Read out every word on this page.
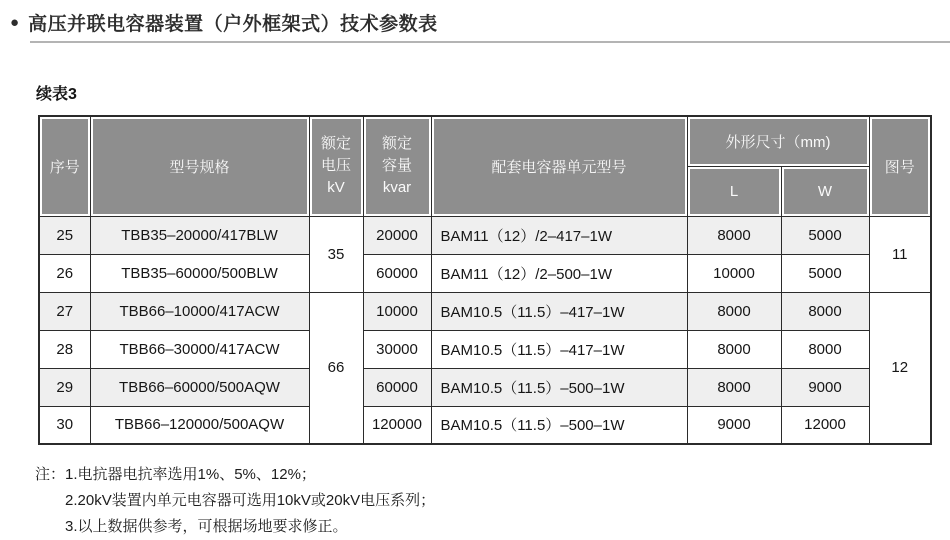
● 高压并联电容器装置（户外框架式）技术参数表
续表3
序号	型号规格	额定
电压
kV	额定
容量
kvar	配套电容器单元型号	外形尺寸（mm)		图号
					L	W	
25	TBB35–20000/417BLW	35	20000	BAM11（12）/2–417–1W	8000	5000	11
26	TBB35–60000/500BLW		60000	BAM11（12）/2–500–1W	10000	5000	
27	TBB66–10000/417ACW	66	10000	BAM10.5（11.5）–417–1W	8000	8000	12
28	TBB66–30000/417ACW		30000	BAM10.5（11.5）–417–1W	8000	8000	
29	TBB66–60000/500AQW		60000	BAM10.5（11.5）–500–1W	8000	9000	
30	TBB66–120000/500AQW		120000	BAM10.5（11.5）–500–1W	9000	12000	
注： 1.电抗器电抗率选用1%、5%、12%；
2.20kV装置内单元电容器可选用10kV或20kV电压系列；
3.以上数据供参考，可根据场地要求修正。
